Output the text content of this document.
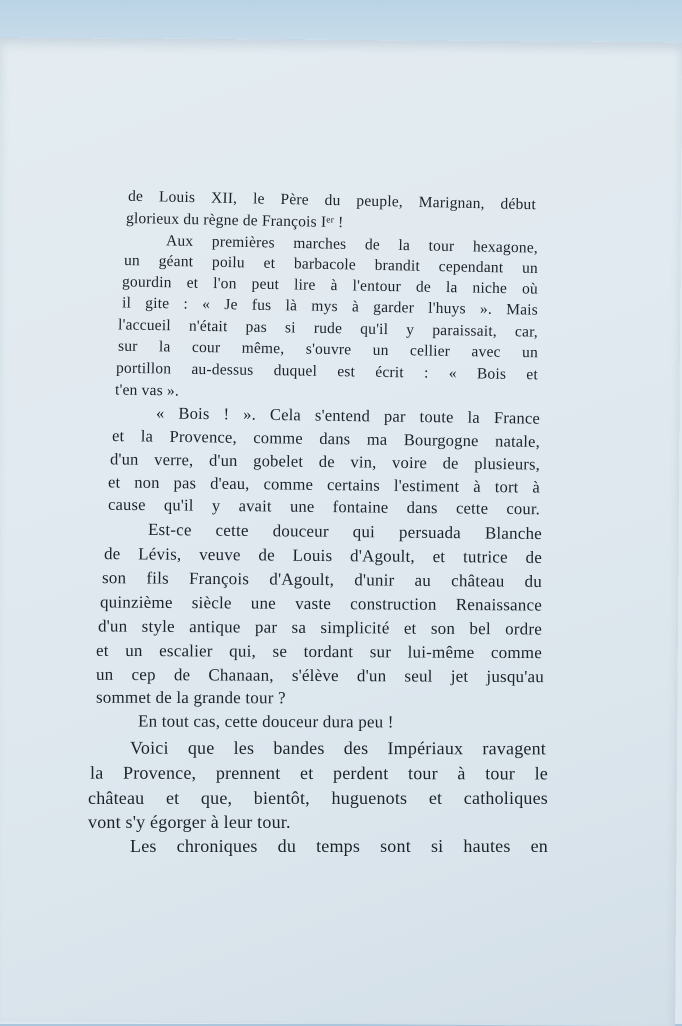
de Louis XII, le Père du peuple, Marignan, début
glorieux du règne de François Iᵉʳ !
Aux premières marches de la tour hexagone,
un géant poilu et barbacole brandit cependant un
gourdin et l'on peut lire à l'entour de la niche où
il gite : « Je fus là mys à garder l'huys ». Mais
l'accueil n'était pas si rude qu'il y paraissait, car,
sur la cour même, s'ouvre un cellier avec un
portillon au-dessus duquel est écrit : « Bois et
t'en vas ».
« Bois ! ». Cela s'entend par toute la France
et la Provence, comme dans ma Bourgogne natale,
d'un verre, d'un gobelet de vin, voire de plusieurs,
et non pas d'eau, comme certains l'estiment à tort à
cause qu'il y avait une fontaine dans cette cour.
Est-ce cette douceur qui persuada Blanche
de Lévis, veuve de Louis d'Agoult, et tutrice de
son fils François d'Agoult, d'unir au château du
quinzième siècle une vaste construction Renaissance
d'un style antique par sa simplicité et son bel ordre
et un escalier qui, se tordant sur lui-même comme
un cep de Chanaan, s'élève d'un seul jet jusqu'au
sommet de la grande tour ?
En tout cas, cette douceur dura peu !
Voici que les bandes des Impériaux ravagent
la Provence, prennent et perdent tour à tour le
château et que, bientôt, huguenots et catholiques
vont s'y égorger à leur tour.
Les chroniques du temps sont si hautes en
